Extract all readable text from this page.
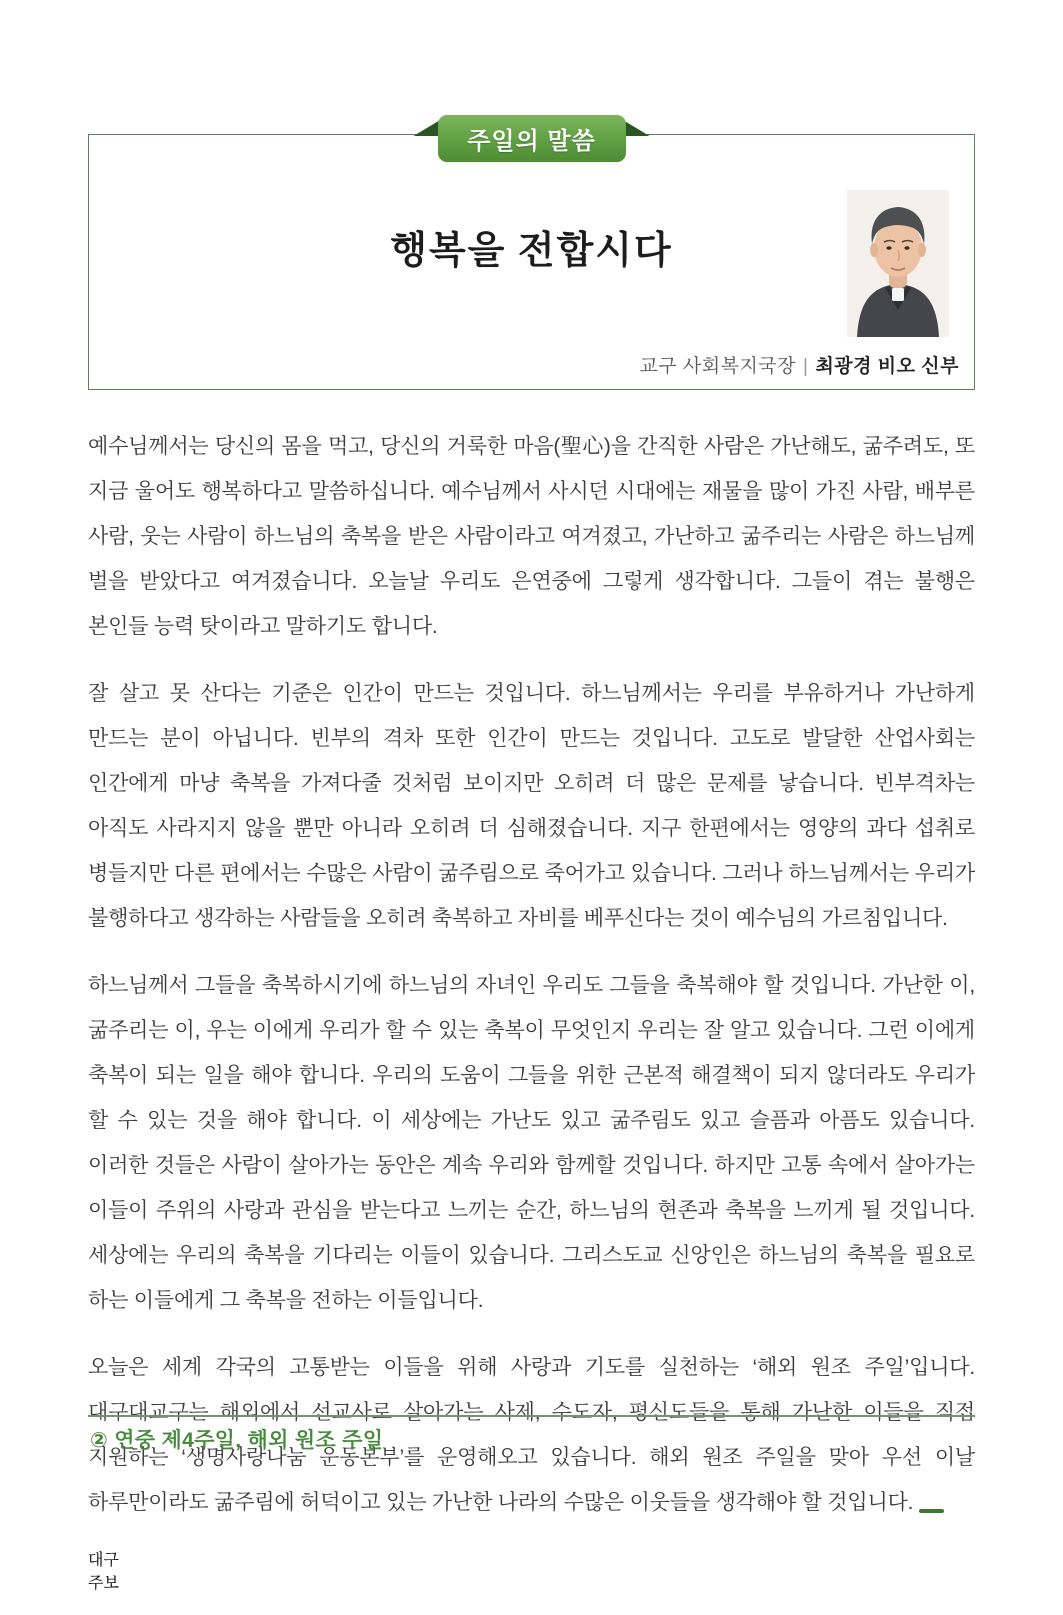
주일의 말씀
행복을 전합시다
교구 사회복지국장 | 최광경 비오 신부

예수님께서는 당신의 몸을 먹고, 당신의 거룩한 마음(聖心)을 간직한 사람은 가난해도, 굶주려도, 또 지금 울어도 행복하다고 말씀하십니다. 예수님께서 사시던 시대에는 재물을 많이 가진 사람, 배부른 사람, 웃는 사람이 하느님의 축복을 받은 사람이라고 여겨졌고, 가난하고 굶주리는 사람은 하느님께 벌을 받았다고 여겨졌습니다. 오늘날 우리도 은연중에 그렇게 생각합니다. 그들이 겪는 불행은 본인들 능력 탓이라고 말하기도 합니다.

잘 살고 못 산다는 기준은 인간이 만드는 것입니다. 하느님께서는 우리를 부유하거나 가난하게 만드는 분이 아닙니다. 빈부의 격차 또한 인간이 만드는 것입니다. 고도로 발달한 산업사회는 인간에게 마냥 축복을 가져다줄 것처럼 보이지만 오히려 더 많은 문제를 낳습니다. 빈부격차는 아직도 사라지지 않을 뿐만 아니라 오히려 더 심해졌습니다. 지구 한편에서는 영양의 과다 섭취로 병들지만 다른 편에서는 수많은 사람이 굶주림으로 죽어가고 있습니다. 그러나 하느님께서는 우리가 불행하다고 생각하는 사람들을 오히려 축복하고 자비를 베푸신다는 것이 예수님의 가르침입니다.

하느님께서 그들을 축복하시기에 하느님의 자녀인 우리도 그들을 축복해야 할 것입니다. 가난한 이, 굶주리는 이, 우는 이에게 우리가 할 수 있는 축복이 무엇인지 우리는 잘 알고 있습니다. 그런 이에게 축복이 되는 일을 해야 합니다. 우리의 도움이 그들을 위한 근본적 해결책이 되지 않더라도 우리가 할 수 있는 것을 해야 합니다. 이 세상에는 가난도 있고 굶주림도 있고 슬픔과 아픔도 있습니다. 이러한 것들은 사람이 살아가는 동안은 계속 우리와 함께할 것입니다. 하지만 고통 속에서 살아가는 이들이 주위의 사랑과 관심을 받는다고 느끼는 순간, 하느님의 현존과 축복을 느끼게 될 것입니다. 세상에는 우리의 축복을 기다리는 이들이 있습니다. 그리스도교 신앙인은 하느님의 축복을 필요로 하는 이들에게 그 축복을 전하는 이들입니다.

오늘은 세계 각국의 고통받는 이들을 위해 사랑과 기도를 실천하는 ‘해외 원조 주일’입니다. 대구대교구는 해외에서 선교사로 살아가는 사제, 수도자, 평신도들을 통해 가난한 이들을 직접 지원하는 ‘생명사랑나눔 운동본부’를 운영해오고 있습니다. 해외 원조 주일을 맞아 우선 이날 하루만이라도 굶주림에 허덕이고 있는 가난한 나라의 수많은 이웃들을 생각해야 할 것입니다.

대구
주보

② 연중 제4주일, 해외 원조 주일
